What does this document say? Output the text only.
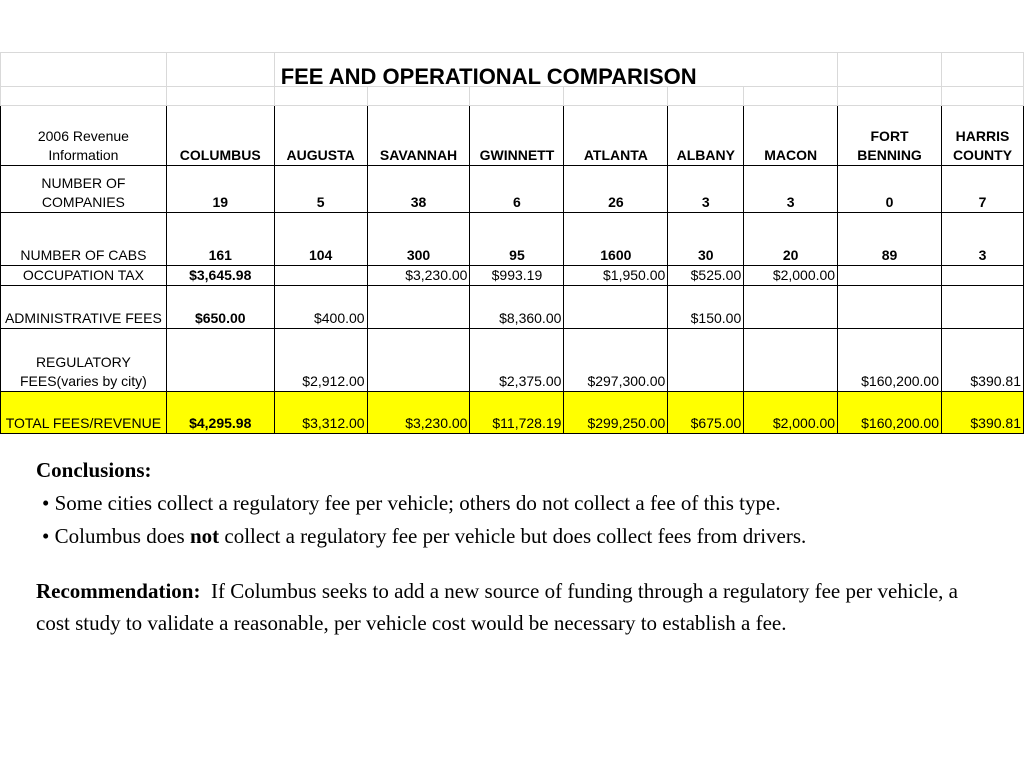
		FEE AND OPERATIONAL COMPARISON							

2006 Revenue Information	COLUMBUS	AUGUSTA	SAVANNAH	GWINNETT	ATLANTA	ALBANY	MACON	FORT BENNING	HARRIS COUNTY
NUMBER OF COMPANIES	19	5	38	6	26	3	3	0	7
NUMBER OF CABS	161	104	300	95	1600	30	20	89	3
OCCUPATION TAX	$3,645.98		$3,230.00	$993.19	$1,950.00	$525.00	$2,000.00		
ADMINISTRATIVE FEES	$650.00	$400.00		$8,360.00		$150.00			
REGULATORY FEES(varies by city)		$2,912.00		$2,375.00	$297,300.00			$160,200.00	$390.81
TOTAL FEES/REVENUE	$4,295.98	$3,312.00	$3,230.00	$11,728.19	$299,250.00	$675.00	$2,000.00	$160,200.00	$390.81

Conclusions:

• Some cities collect a regulatory fee per vehicle; others do not collect a fee of this type.

• Columbus does not collect a regulatory fee per vehicle but does collect fees from drivers.

Recommendation:  If Columbus seeks to add a new source of funding through a regulatory fee per vehicle, a cost study to validate a reasonable, per vehicle cost would be necessary to establish a fee.
